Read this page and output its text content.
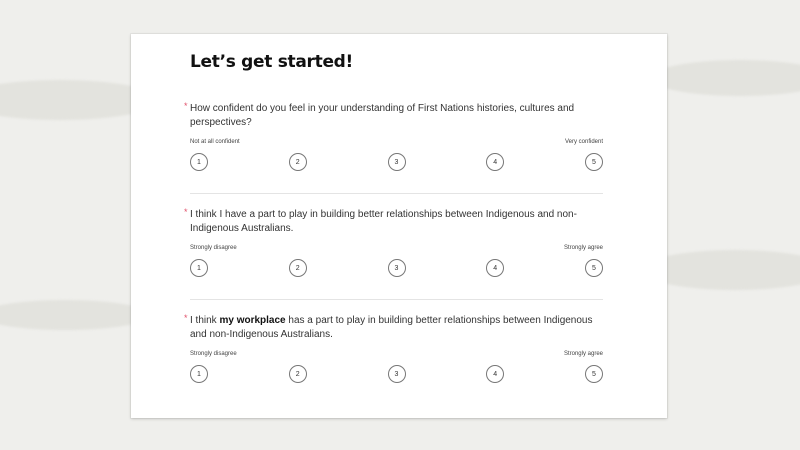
Let’s get started!

* How confident do you feel in your understanding of First Nations histories, cultures and perspectives?

Not at all confident	Very confident
1	2	3	4	5

* I think I have a part to play in building better relationships between Indigenous and non-Indigenous Australians.

Strongly disagree	Strongly agree
1	2	3	4	5

* I think my workplace has a part to play in building better relationships between Indigenous and non-Indigenous Australians.

Strongly disagree	Strongly agree
1	2	3	4	5
